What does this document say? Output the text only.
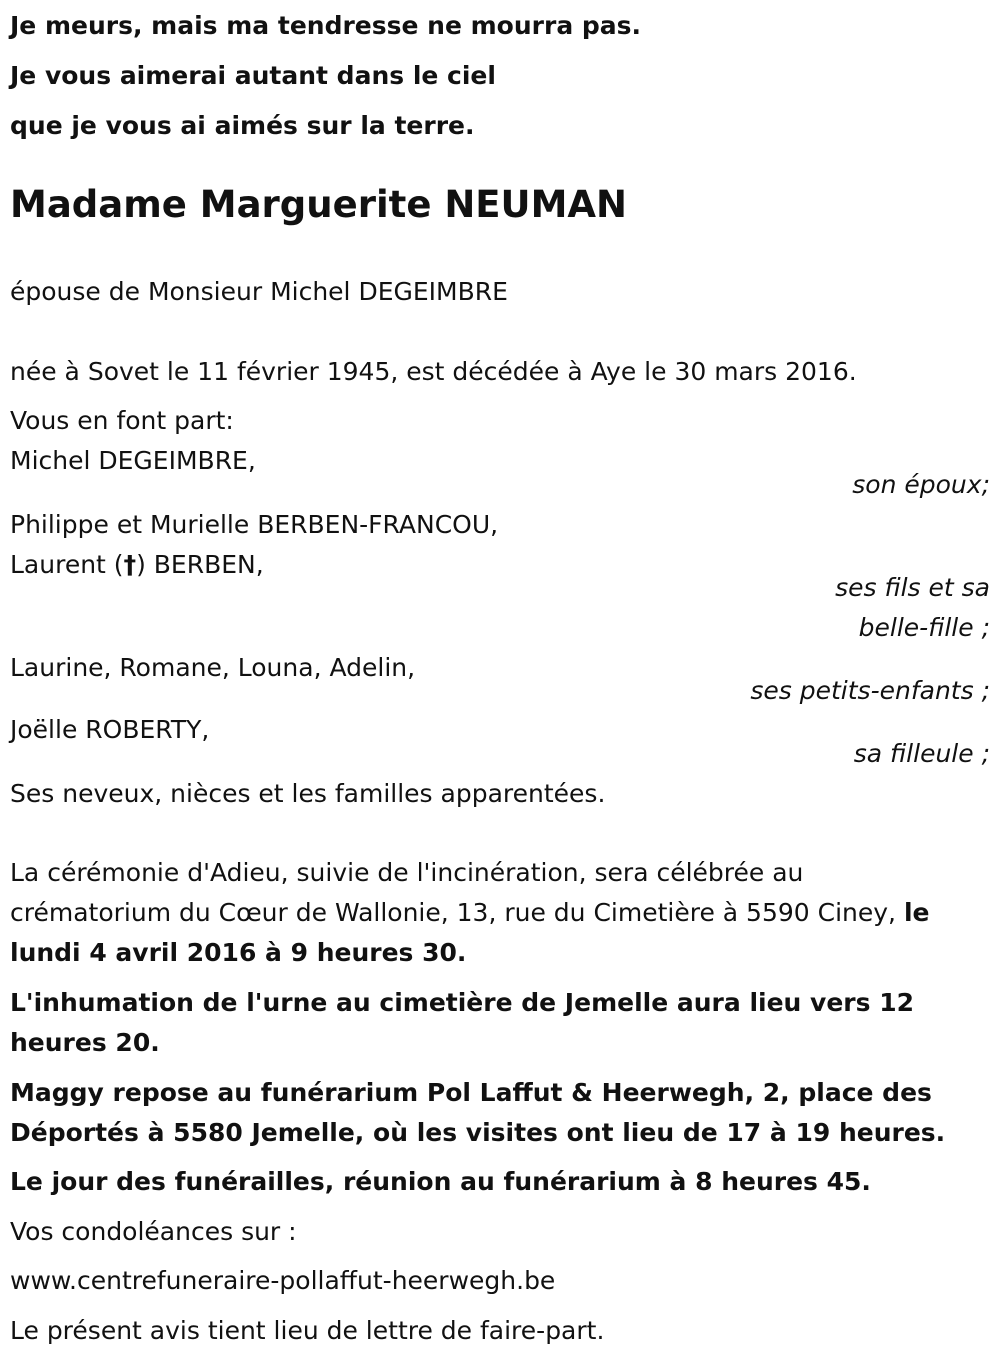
Je meurs, mais ma tendresse ne mourra pas.
Je vous aimerai autant dans le ciel
que je vous ai aimés sur la terre.
Madame Marguerite NEUMAN
épouse de Monsieur Michel DEGEIMBRE
née à Sovet le 11 février 1945, est décédée à Aye le 30 mars 2016.
Vous en font part:
Michel DEGEIMBRE,
son époux;
Philippe et Murielle BERBEN-FRANCOU,
Laurent (†) BERBEN,
ses fils et sa
belle-fille ;
Laurine, Romane, Louna, Adelin,
ses petits-enfants ;
Joëlle ROBERTY,
sa filleule ;
Ses neveux, nièces et les familles apparentées.
La cérémonie d'Adieu, suivie de l'incinération, sera célébrée au
crématorium du Cœur de Wallonie, 13, rue du Cimetière à 5590 Ciney, le
lundi 4 avril 2016 à 9 heures 30.
L'inhumation de l'urne au cimetière de Jemelle aura lieu vers 12
heures 20.
Maggy repose au funérarium Pol Laffut & Heerwegh, 2, place des
Déportés à 5580 Jemelle, où les visites ont lieu de 17 à 19 heures.
Le jour des funérailles, réunion au funérarium à 8 heures 45.
Vos condoléances sur :
www.centrefuneraire-pollaffut-heerwegh.be
Le présent avis tient lieu de lettre de faire-part.
